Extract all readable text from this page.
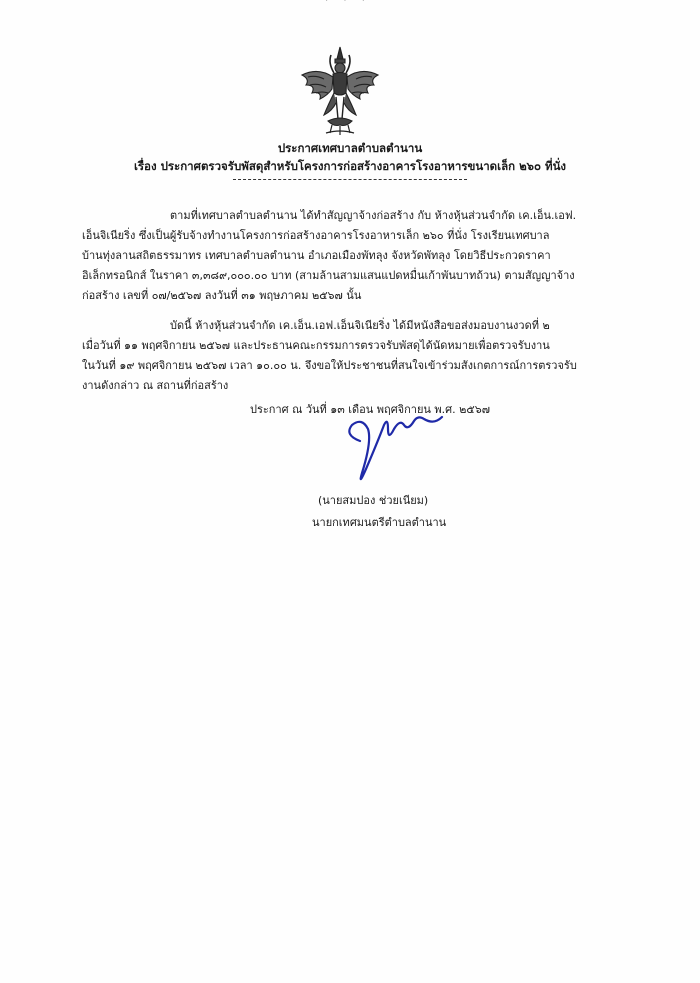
· · ·
ประกาศเทศบาลตำบลตำนาน
เรื่อง ประกาศตรวจรับพัสดุสำหรับโครงการก่อสร้างอาคารโรงอาหารขนาดเล็ก ๒๖๐ ที่นั่ง
ตามที่เทศบาลตำบลตำนาน ได้ทำสัญญาจ้างก่อสร้าง กับ ห้างหุ้นส่วนจำกัด เค.เอ็น.เอฟ.
เอ็นจิเนียริ่ง ซึ่งเป็นผู้รับจ้างทำงานโครงการก่อสร้างอาคารโรงอาหารเล็ก ๒๖๐ ที่นั่ง โรงเรียนเทศบาล
บ้านทุ่งลานสถิตธรรมาทร เทศบาลตำบลตำนาน อำเภอเมืองพัทลุง จังหวัดพัทลุง โดยวิธีประกวดราคา
อิเล็กทรอนิกส์ ในราคา ๓,๓๘๙,๐๐๐.๐๐ บาท (สามล้านสามแสนแปดหมื่นเก้าพันบาทถ้วน) ตามสัญญาจ้าง
ก่อสร้าง เลขที่ ๐๗/๒๕๖๗ ลงวันที่ ๓๑ พฤษภาคม ๒๕๖๗ นั้น
บัดนี้ ห้างหุ้นส่วนจำกัด เค.เอ็น.เอฟ.เอ็นจิเนียริ่ง ได้มีหนังสือขอส่งมอบงานงวดที่ ๒
เมื่อวันที่ ๑๑ พฤศจิกายน ๒๕๖๗ และประธานคณะกรรมการตรวจรับพัสดุได้นัดหมายเพื่อตรวจรับงาน
ในวันที่ ๑๙ พฤศจิกายน ๒๕๖๗ เวลา ๑๐.๐๐ น. จึงขอให้ประชาชนที่สนใจเข้าร่วมสังเกตการณ์การตรวจรับ
งานดังกล่าว ณ สถานที่ก่อสร้าง
ประกาศ ณ วันที่ ๑๓ เดือน พฤศจิกายน พ.ศ. ๒๕๖๗
(นายสมปอง ช่วยเนียม)
นายกเทศมนตรีตำบลตำนาน
